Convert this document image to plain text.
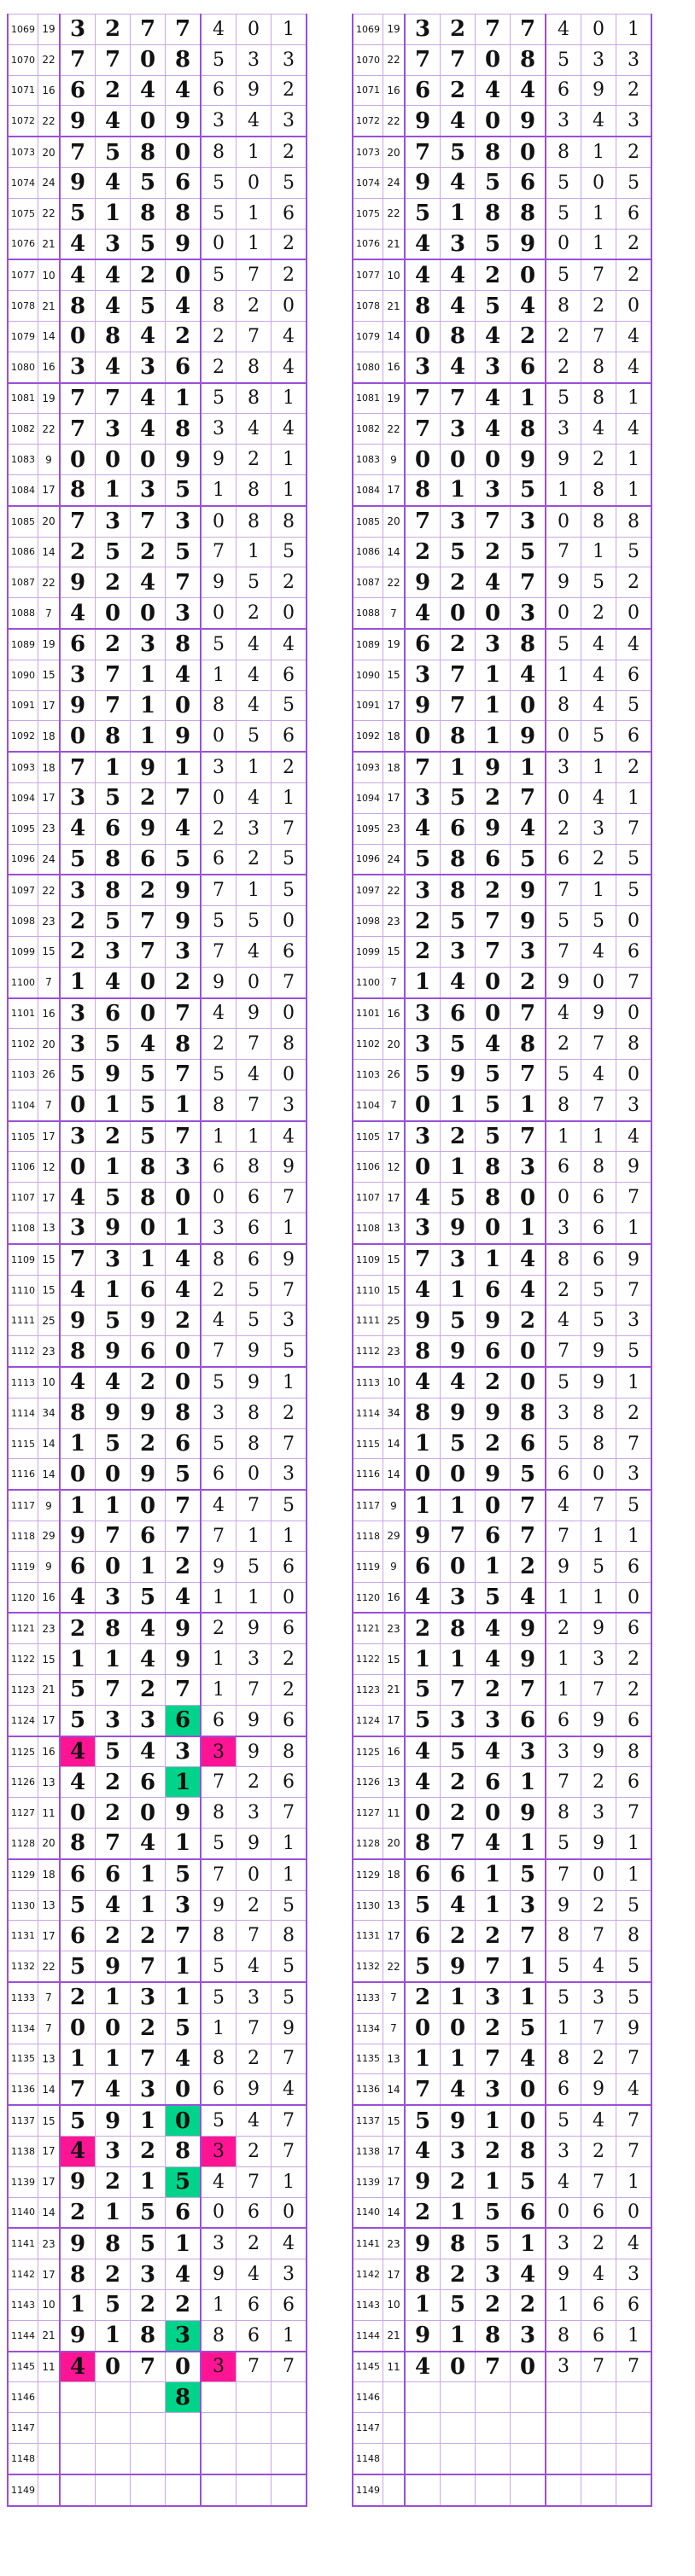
1069	19	3	2	7	7	4	0	1
1070	22	7	7	0	8	5	3	3
1071	16	6	2	4	4	6	9	2
1072	22	9	4	0	9	3	4	3
1073	20	7	5	8	0	8	1	2
1074	24	9	4	5	6	5	0	5
1075	22	5	1	8	8	5	1	6
1076	21	4	3	5	9	0	1	2
1077	10	4	4	2	0	5	7	2
1078	21	8	4	5	4	8	2	0
1079	14	0	8	4	2	2	7	4
1080	16	3	4	3	6	2	8	4
1081	19	7	7	4	1	5	8	1
1082	22	7	3	4	8	3	4	4
1083	9	0	0	0	9	9	2	1
1084	17	8	1	3	5	1	8	1
1085	20	7	3	7	3	0	8	8
1086	14	2	5	2	5	7	1	5
1087	22	9	2	4	7	9	5	2
1088	7	4	0	0	3	0	2	0
1089	19	6	2	3	8	5	4	4
1090	15	3	7	1	4	1	4	6
1091	17	9	7	1	0	8	4	5
1092	18	0	8	1	9	0	5	6
1093	18	7	1	9	1	3	1	2
1094	17	3	5	2	7	0	4	1
1095	23	4	6	9	4	2	3	7
1096	24	5	8	6	5	6	2	5
1097	22	3	8	2	9	7	1	5
1098	23	2	5	7	9	5	5	0
1099	15	2	3	7	3	7	4	6
1100	7	1	4	0	2	9	0	7
1101	16	3	6	0	7	4	9	0
1102	20	3	5	4	8	2	7	8
1103	26	5	9	5	7	5	4	0
1104	7	0	1	5	1	8	7	3
1105	17	3	2	5	7	1	1	4
1106	12	0	1	8	3	6	8	9
1107	17	4	5	8	0	0	6	7
1108	13	3	9	0	1	3	6	1
1109	15	7	3	1	4	8	6	9
1110	15	4	1	6	4	2	5	7
1111	25	9	5	9	2	4	5	3
1112	23	8	9	6	0	7	9	5
1113	10	4	4	2	0	5	9	1
1114	34	8	9	9	8	3	8	2
1115	14	1	5	2	6	5	8	7
1116	14	0	0	9	5	6	0	3
1117	9	1	1	0	7	4	7	5
1118	29	9	7	6	7	7	1	1
1119	9	6	0	1	2	9	5	6
1120	16	4	3	5	4	1	1	0
1121	23	2	8	4	9	2	9	6
1122	15	1	1	4	9	1	3	2
1123	21	5	7	2	7	1	7	2
1124	17	5	3	3	6	6	9	6
1125	16	4	5	4	3	3	9	8
1126	13	4	2	6	1	7	2	6
1127	11	0	2	0	9	8	3	7
1128	20	8	7	4	1	5	9	1
1129	18	6	6	1	5	7	0	1
1130	13	5	4	1	3	9	2	5
1131	17	6	2	2	7	8	7	8
1132	22	5	9	7	1	5	4	5
1133	7	2	1	3	1	5	3	5
1134	7	0	0	2	5	1	7	9
1135	13	1	1	7	4	8	2	7
1136	14	7	4	3	0	6	9	4
1137	15	5	9	1	0	5	4	7
1138	17	4	3	2	8	3	2	7
1139	17	9	2	1	5	4	7	1
1140	14	2	1	5	6	0	6	0
1141	23	9	8	5	1	3	2	4
1142	17	8	2	3	4	9	4	3
1143	10	1	5	2	2	1	6	6
1144	21	9	1	8	3	8	6	1
1145	11	4	0	7	0	3	7	7
1146					8			
1147								
1148								
1149								
1069	19	3	2	7	7	4	0	1
1070	22	7	7	0	8	5	3	3
1071	16	6	2	4	4	6	9	2
1072	22	9	4	0	9	3	4	3
1073	20	7	5	8	0	8	1	2
1074	24	9	4	5	6	5	0	5
1075	22	5	1	8	8	5	1	6
1076	21	4	3	5	9	0	1	2
1077	10	4	4	2	0	5	7	2
1078	21	8	4	5	4	8	2	0
1079	14	0	8	4	2	2	7	4
1080	16	3	4	3	6	2	8	4
1081	19	7	7	4	1	5	8	1
1082	22	7	3	4	8	3	4	4
1083	9	0	0	0	9	9	2	1
1084	17	8	1	3	5	1	8	1
1085	20	7	3	7	3	0	8	8
1086	14	2	5	2	5	7	1	5
1087	22	9	2	4	7	9	5	2
1088	7	4	0	0	3	0	2	0
1089	19	6	2	3	8	5	4	4
1090	15	3	7	1	4	1	4	6
1091	17	9	7	1	0	8	4	5
1092	18	0	8	1	9	0	5	6
1093	18	7	1	9	1	3	1	2
1094	17	3	5	2	7	0	4	1
1095	23	4	6	9	4	2	3	7
1096	24	5	8	6	5	6	2	5
1097	22	3	8	2	9	7	1	5
1098	23	2	5	7	9	5	5	0
1099	15	2	3	7	3	7	4	6
1100	7	1	4	0	2	9	0	7
1101	16	3	6	0	7	4	9	0
1102	20	3	5	4	8	2	7	8
1103	26	5	9	5	7	5	4	0
1104	7	0	1	5	1	8	7	3
1105	17	3	2	5	7	1	1	4
1106	12	0	1	8	3	6	8	9
1107	17	4	5	8	0	0	6	7
1108	13	3	9	0	1	3	6	1
1109	15	7	3	1	4	8	6	9
1110	15	4	1	6	4	2	5	7
1111	25	9	5	9	2	4	5	3
1112	23	8	9	6	0	7	9	5
1113	10	4	4	2	0	5	9	1
1114	34	8	9	9	8	3	8	2
1115	14	1	5	2	6	5	8	7
1116	14	0	0	9	5	6	0	3
1117	9	1	1	0	7	4	7	5
1118	29	9	7	6	7	7	1	1
1119	9	6	0	1	2	9	5	6
1120	16	4	3	5	4	1	1	0
1121	23	2	8	4	9	2	9	6
1122	15	1	1	4	9	1	3	2
1123	21	5	7	2	7	1	7	2
1124	17	5	3	3	6	6	9	6
1125	16	4	5	4	3	3	9	8
1126	13	4	2	6	1	7	2	6
1127	11	0	2	0	9	8	3	7
1128	20	8	7	4	1	5	9	1
1129	18	6	6	1	5	7	0	1
1130	13	5	4	1	3	9	2	5
1131	17	6	2	2	7	8	7	8
1132	22	5	9	7	1	5	4	5
1133	7	2	1	3	1	5	3	5
1134	7	0	0	2	5	1	7	9
1135	13	1	1	7	4	8	2	7
1136	14	7	4	3	0	6	9	4
1137	15	5	9	1	0	5	4	7
1138	17	4	3	2	8	3	2	7
1139	17	9	2	1	5	4	7	1
1140	14	2	1	5	6	0	6	0
1141	23	9	8	5	1	3	2	4
1142	17	8	2	3	4	9	4	3
1143	10	1	5	2	2	1	6	6
1144	21	9	1	8	3	8	6	1
1145	11	4	0	7	0	3	7	7
1146								
1147								
1148								
1149								
